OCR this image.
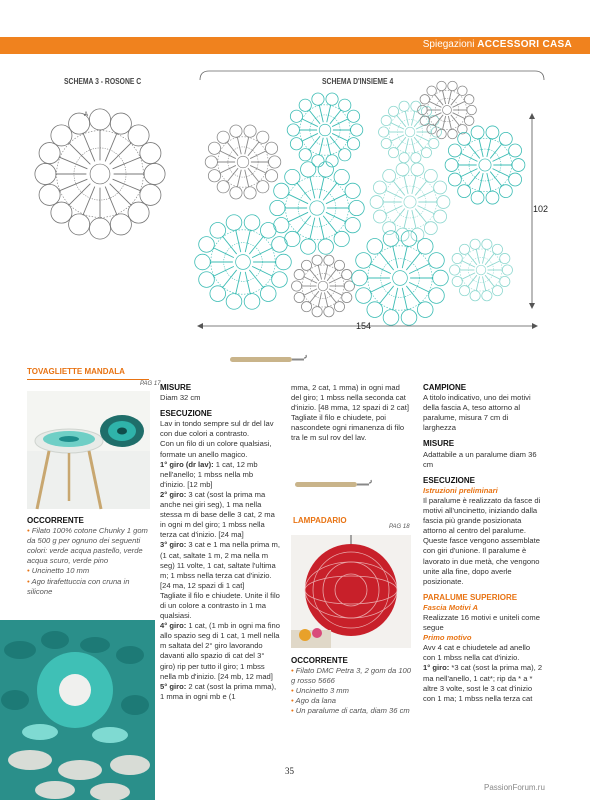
Spiegazioni ACCESSORI CASA
SCHEMA 3 - ROSONE C	SCHEMA D'INSIEME 4
A
102
154
TOVAGLIETTE MANDALA
PAG 17

OCCORRENTE

• Filato 100% cotone Chunky 1 gom da 500 g per ognuno dei seguenti colori: verde acqua pastello, verde acqua scuro, verde pino

• Uncinetto 10 mm

• Ago tirafettuccia con cruna in silicone

MISURE

Diam 32 cm

ESECUZIONE

Lav in tondo sempre sul dr del lav con due colori a contrasto.

Con un filo di un colore qualsiasi, formate un anello magico.

1° giro (dr lav): 1 cat, 12 mb nell'anello; 1 mbss nella mb d'inizio. [12 mb]

2° giro: 3 cat (sost la prima ma anche nei giri seg), 1 ma nella stessa m di base delle 3 cat, 2 ma in ogni m del giro; 1 mbss nella terza cat d'inizio. [24 ma]

3° giro: 3 cat e 1 ma nella prima m, (1 cat, saltate 1 m, 2 ma nella m seg) 11 volte, 1 cat, saltate l'ultima m; 1 mbss nella terza cat d'inizio. [24 ma, 12 spazi di 1 cat]

Tagliate il filo e chiudete. Unite il filo di un colore a contrasto in 1 ma qualsiasi.

4° giro: 1 cat, (1 mb in ogni ma fino allo spazio seg di 1 cat, 1 mell nella m saltata del 2° giro lavorando davanti allo spazio di cat del 3° giro) rip per tutto il giro; 1 mbss nella mb d'inizio. [24 mb, 12 mad]

5° giro: 2 cat (sost la prima mma), 1 mma in ogni mb e (1

mma, 2 cat, 1 mma) in ogni mad del giro; 1 mbss nella seconda cat d'inizio. [48 mma, 12 spazi di 2 cat]

Tagliate il filo e chiudete, poi nascondete ogni rimanenza di filo tra le m sul rov del lav.

LAMPADARIO
PAG 18

OCCORRENTE

• Filato DMC Petra 3, 2 gom da 100 g rosso 5666

• Uncinetto 3 mm

• Ago da lana

• Un paralume di carta, diam 36 cm

CAMPIONE

A titolo indicativo, uno dei motivi della fascia A, teso attorno al paralume, misura 7 cm di larghezza

MISURE

Adattabile a un paralume diam 36 cm

ESECUZIONE

Istruzioni preliminari

Il paralume è realizzato da fasce di motivi all'uncinetto, iniziando dalla fascia più grande posizionata attorno al centro del paralume. Queste fasce vengono assemblate con giri d'unione. Il paralume è lavorato in due metà, che vengono unite alla fine, dopo averle posizionate.

PARALUME SUPERIORE

Fascia Motivi A

Realizzate 16 motivi e uniteli come segue

Primo motivo

Avv 4 cat e chiudetele ad anello con 1 mbss nella cat d'inizio.

1° giro: *3 cat (sost la prima ma), 2 ma nell'anello, 1 cat*; rip da * a * altre 3 volte, sost le 3 cat d'inizio con 1 ma; 1 mbss nella terza cat

35
PassionForum.ru
